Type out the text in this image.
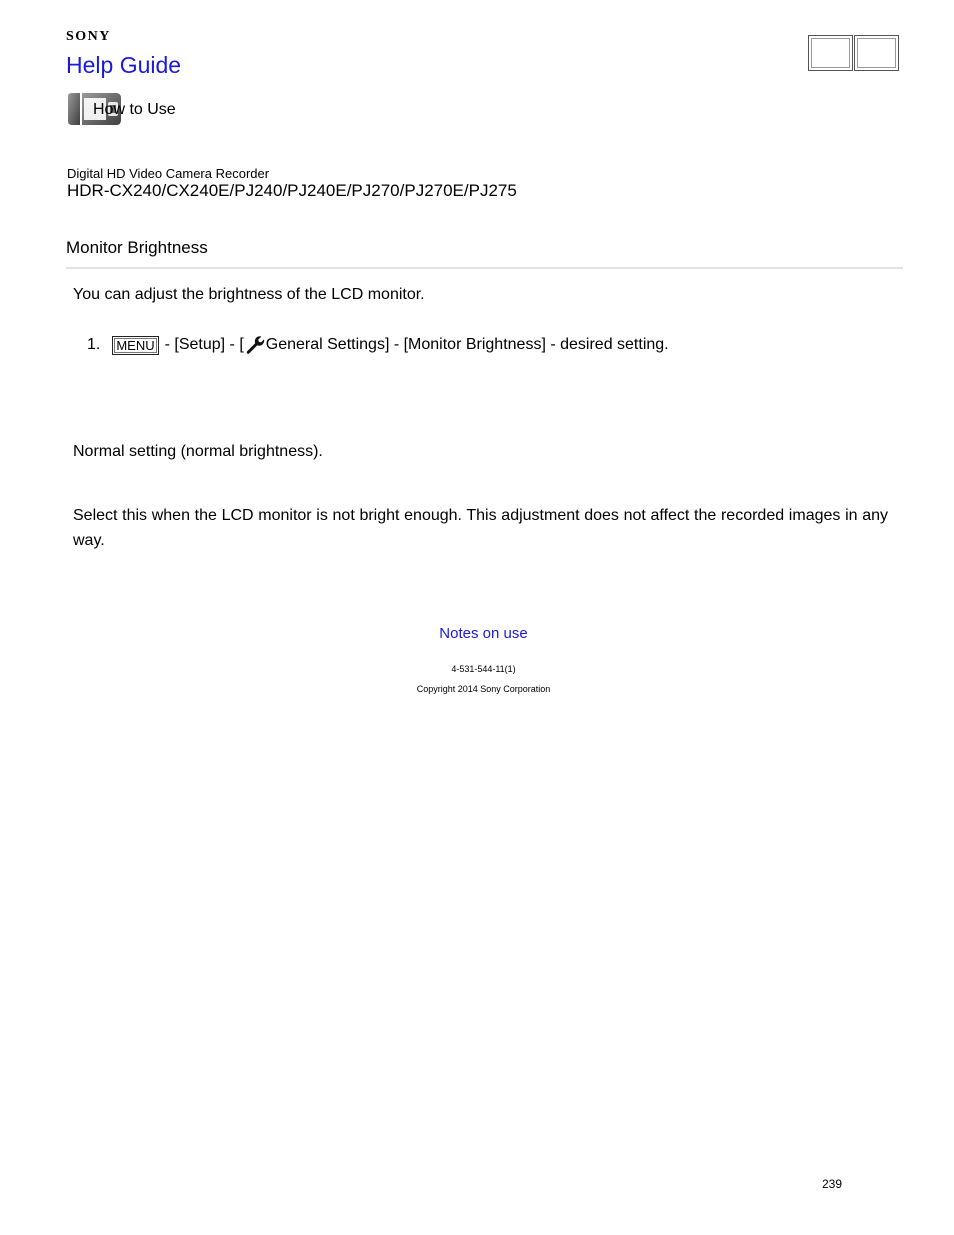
SONY
Help Guide
How to Use
Digital HD Video Camera Recorder
HDR-CX240/CX240E/PJ240/PJ240E/PJ270/PJ270E/PJ275
Monitor Brightness
You can adjust the brightness of the LCD monitor.
1.	MENU - [Setup] - [ General Settings] - [Monitor Brightness] - desired setting.
Normal setting (normal brightness).
Select this when the LCD monitor is not bright enough. This adjustment does not affect the recorded images in any way.
Notes on use
4-531-544-11(1)
Copyright 2014 Sony Corporation
239
